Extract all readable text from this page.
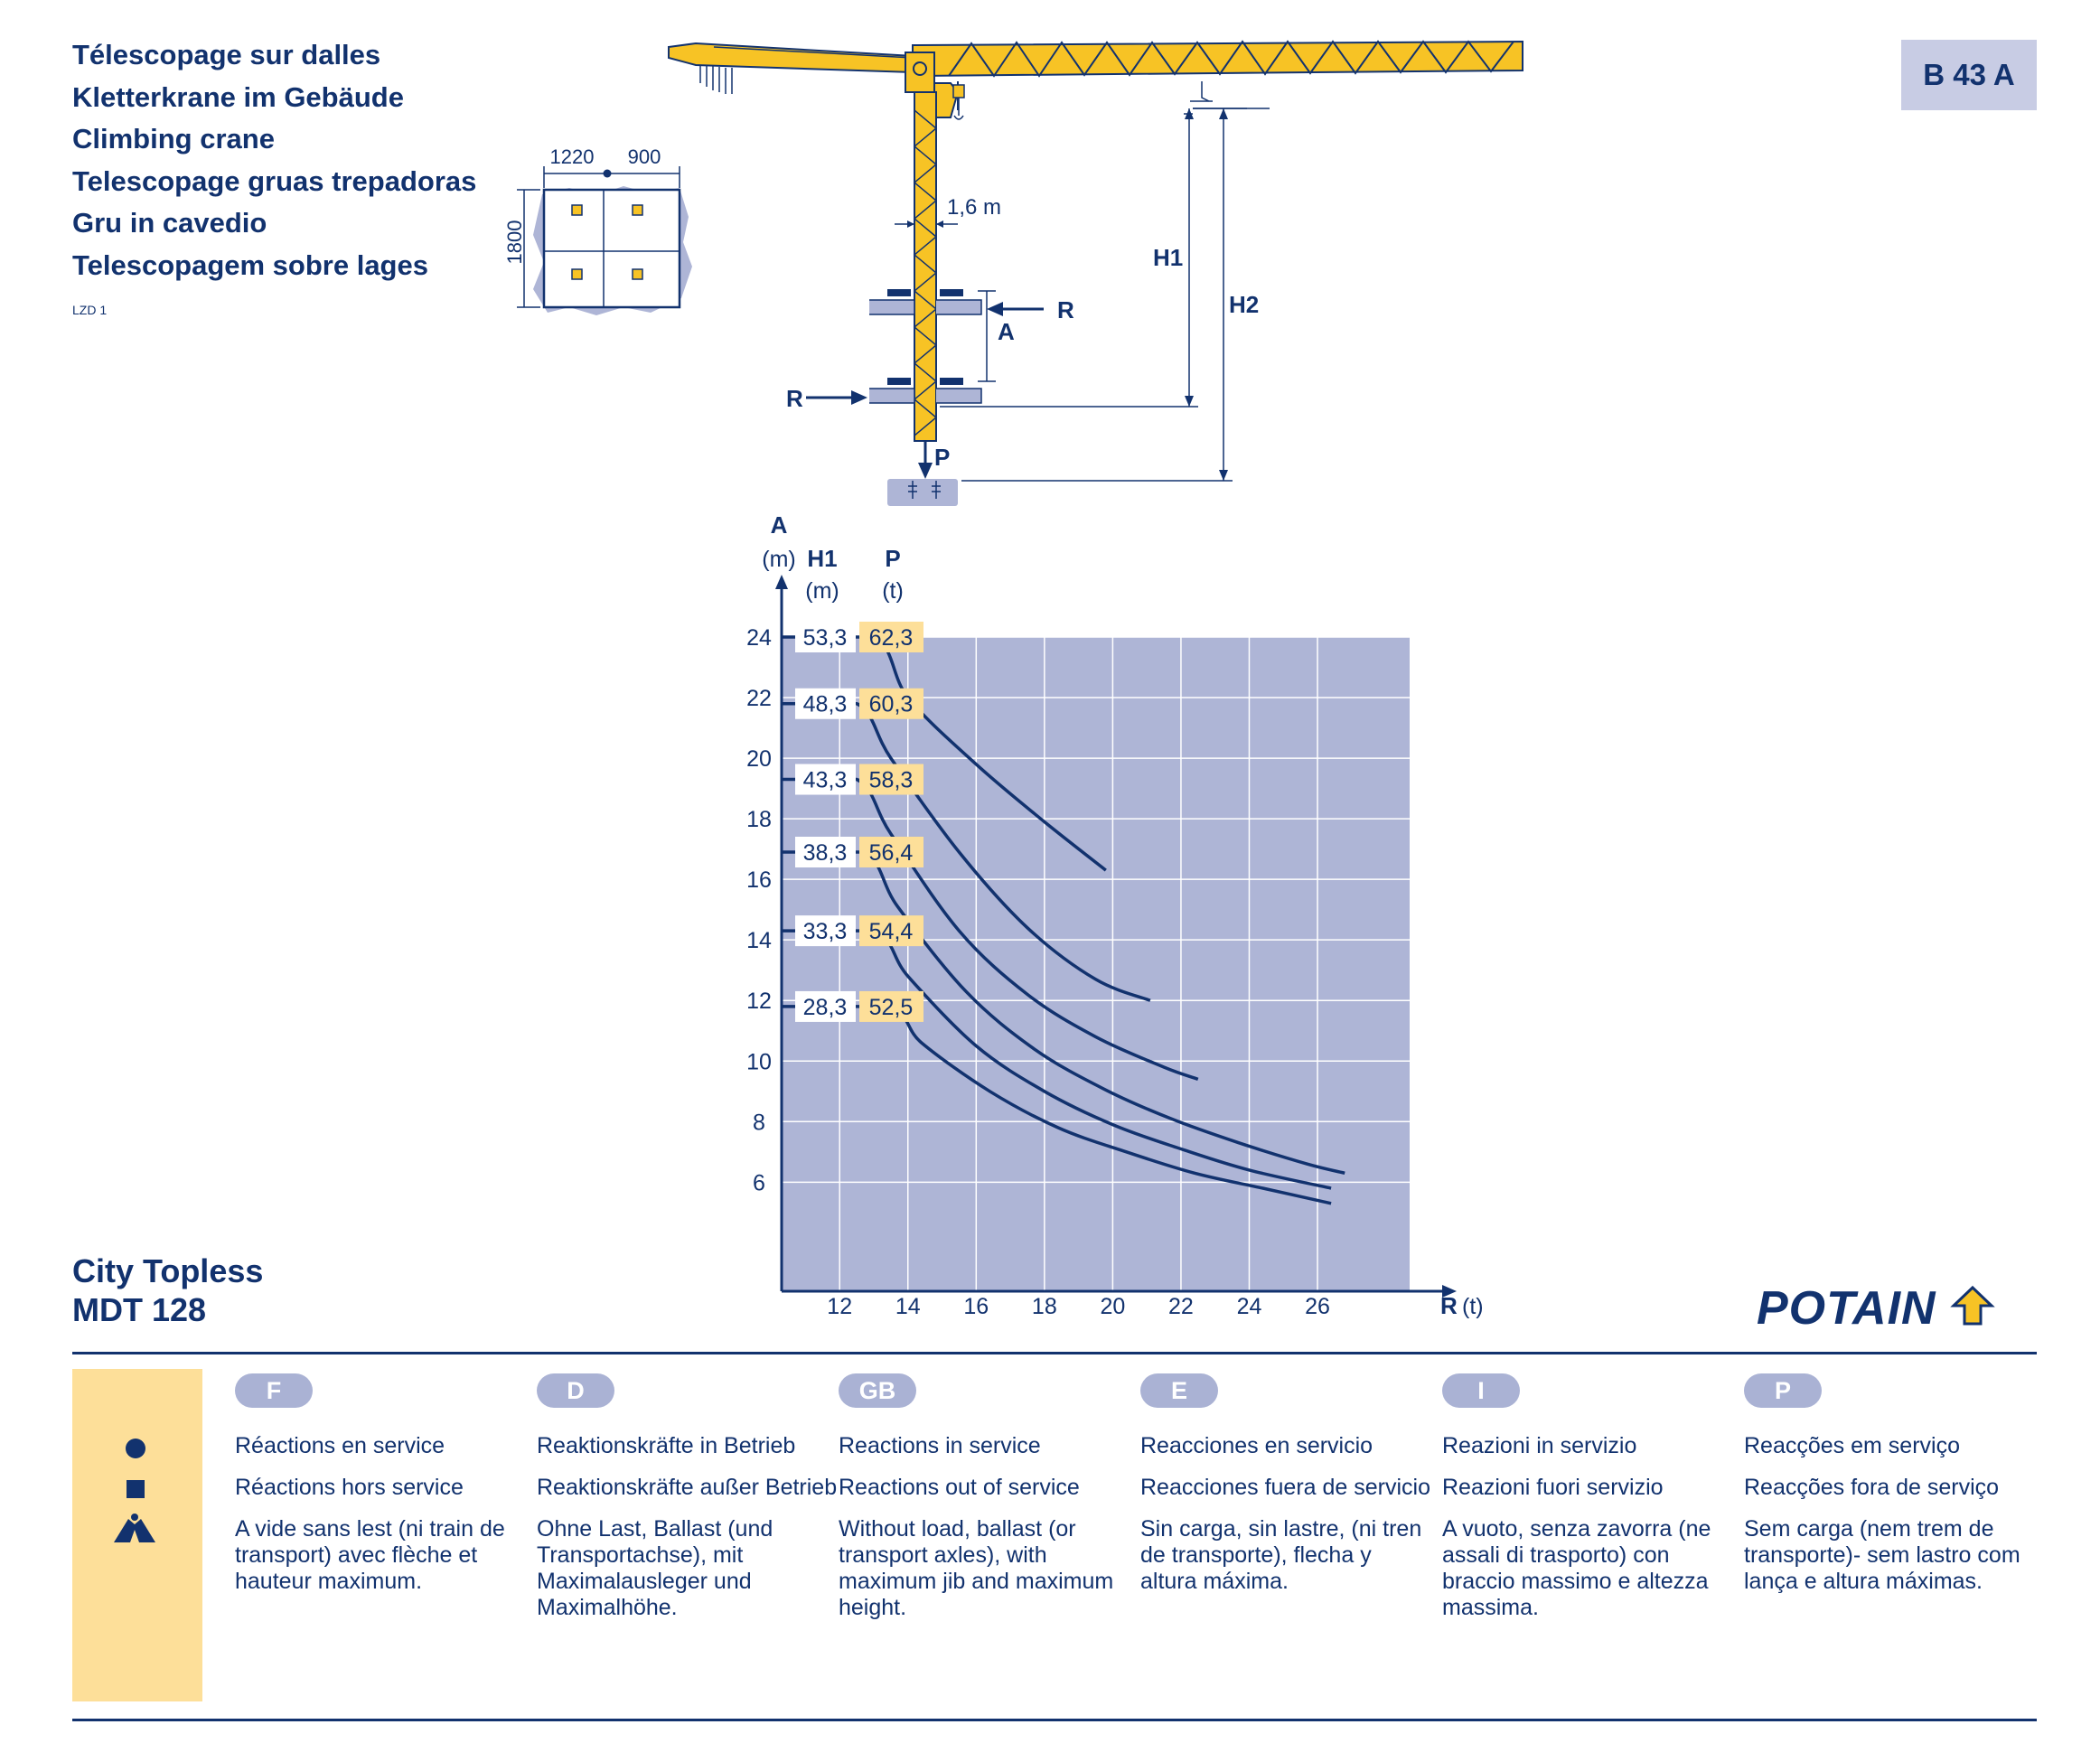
Télescopage sur dalles
Kletterkrane im Gebäude
Climbing crane
Telescopage gruas trepadoras
Gru in cavedio
Telescopagem sobre lages
LZD 1
B 43 A
1220 900
1800
1,6 m
A
R
R
P
H1
H2
53,3 62,3
48,3 60,3
43,3 58,3
38,3 56,4
33,3 54,4
28,3 52,5
6
8
10
12
14
16
18
20
22
24
12 14 16 18 20 22 24 26
A
(m) H1
(m)
P
(t)
R (t)
City Topless
MDT 128	POTAIN
F
Réactions en service
Réactions hors service
A vide sans lest (ni train de transport) avec flèche et hauteur maximum.
D
Reaktionskräfte in Betrieb
Reaktionskräfte außer Betrieb
Ohne Last, Ballast (und Transportachse), mit Maximalausleger und Maximalhöhe.
GB
Reactions in service
Reactions out of service
Without load, ballast (or transport axles), with maximum jib and maximum height.
E
Reacciones en servicio
Reacciones fuera de servicio
Sin carga, sin lastre, (ni tren de transporte), flecha y altura máxima.
I
Reazioni in servizio
Reazioni fuori servizio
A vuoto, senza zavorra (ne assali di trasporto) con braccio massimo e altezza massima.
P
Reacções em serviço
Reacções fora de serviço
Sem carga (nem trem de transporte)- sem lastro com lança e altura máximas.
